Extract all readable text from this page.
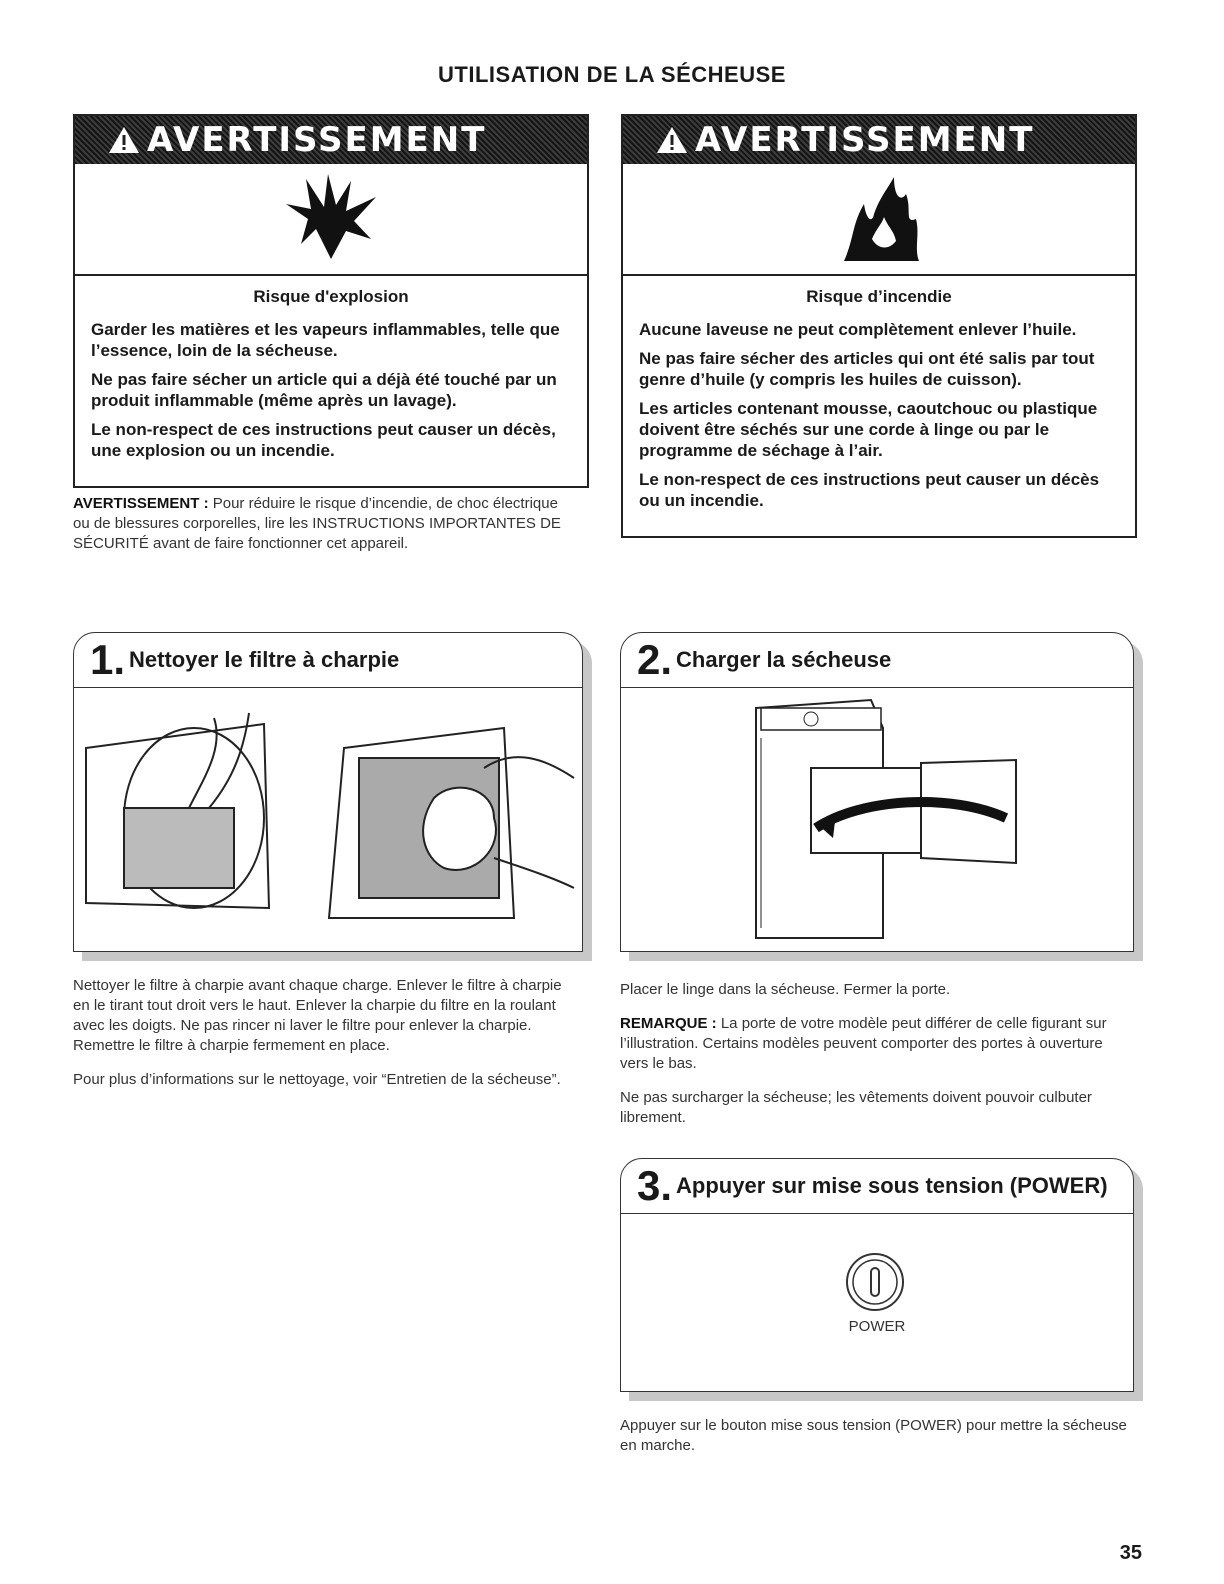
UTILISATION DE LA SÉCHEUSE
AVERTISSEMENT
Risque d'explosion

Garder les matières et les vapeurs inflammables, telle que l’essence, loin de la sécheuse.

Ne pas faire sécher un article qui a déjà été touché par un produit inflammable (même après un lavage).

Le non-respect de ces instructions peut causer un décès, une explosion ou un incendie.

AVERTISSEMENT
Risque d’incendie

Aucune laveuse ne peut complètement enlever l’huile.

Ne pas faire sécher des articles qui ont été salis par tout genre d’huile (y compris les huiles de cuisson).

Les articles contenant mousse, caoutchouc ou plastique doivent être séchés sur une corde à linge ou par le programme de séchage à l’air.

Le non-respect de ces instructions peut causer un décès ou un incendie.

AVERTISSEMENT : Pour réduire le risque d’incendie, de choc électrique ou de blessures corporelles, lire les INSTRUCTIONS IMPORTANTES DE SÉCURITÉ avant de faire fonctionner cet appareil.
1. Nettoyer le filtre à charpie

Nettoyer le filtre à charpie avant chaque charge. Enlever le filtre à charpie en le tirant tout droit vers le haut. Enlever la charpie du filtre en la roulant avec les doigts. Ne pas rincer ni laver le filtre pour enlever la charpie. Remettre le filtre à charpie fermement en place.

Pour plus d’informations sur le nettoyage, voir “Entretien de la sécheuse”.

2. Charger la sécheuse

Placer le linge dans la sécheuse. Fermer la porte.

REMARQUE : La porte de votre modèle peut différer de celle figurant sur l’illustration. Certains modèles peuvent comporter des portes à ouverture vers le bas.

Ne pas surcharger la sécheuse; les vêtements doivent pouvoir culbuter librement.

3. Appuyer sur mise sous tension (POWER)
POWER

Appuyer sur le bouton mise sous tension (POWER) pour mettre la sécheuse en marche.

35
